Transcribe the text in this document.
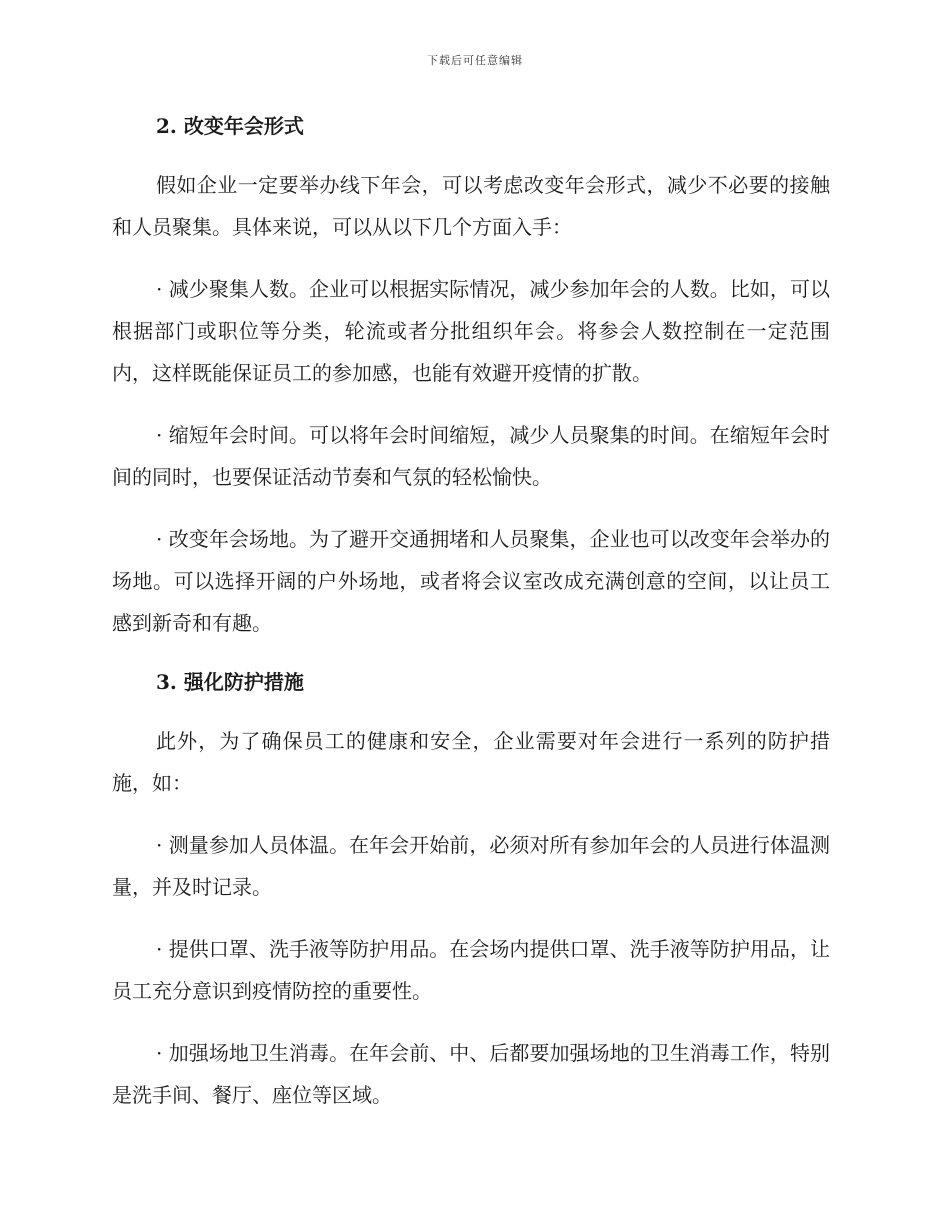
下载后可任意编辑
2. 改变年会形式

假如企业一定要举办线下年会，可以考虑改变年会形式，减少不必要的接触和人员聚集。具体来说，可以从以下几个方面入手：

· 减少聚集人数。企业可以根据实际情况，减少参加年会的人数。比如，可以根据部门或职位等分类，轮流或者分批组织年会。将参会人数控制在一定范围内，这样既能保证员工的参加感，也能有效避开疫情的扩散。

· 缩短年会时间。可以将年会时间缩短，减少人员聚集的时间。在缩短年会时间的同时，也要保证活动节奏和气氛的轻松愉快。

· 改变年会场地。为了避开交通拥堵和人员聚集，企业也可以改变年会举办的场地。可以选择开阔的户外场地，或者将会议室改成充满创意的空间，以让员工感到新奇和有趣。

3. 强化防护措施

此外，为了确保员工的健康和安全，企业需要对年会进行一系列的防护措施，如：

· 测量参加人员体温。在年会开始前，必须对所有参加年会的人员进行体温测量，并及时记录。

· 提供口罩、洗手液等防护用品。在会场内提供口罩、洗手液等防护用品，让员工充分意识到疫情防控的重要性。

· 加强场地卫生消毒。在年会前、中、后都要加强场地的卫生消毒工作，特别是洗手间、餐厅、座位等区域。
